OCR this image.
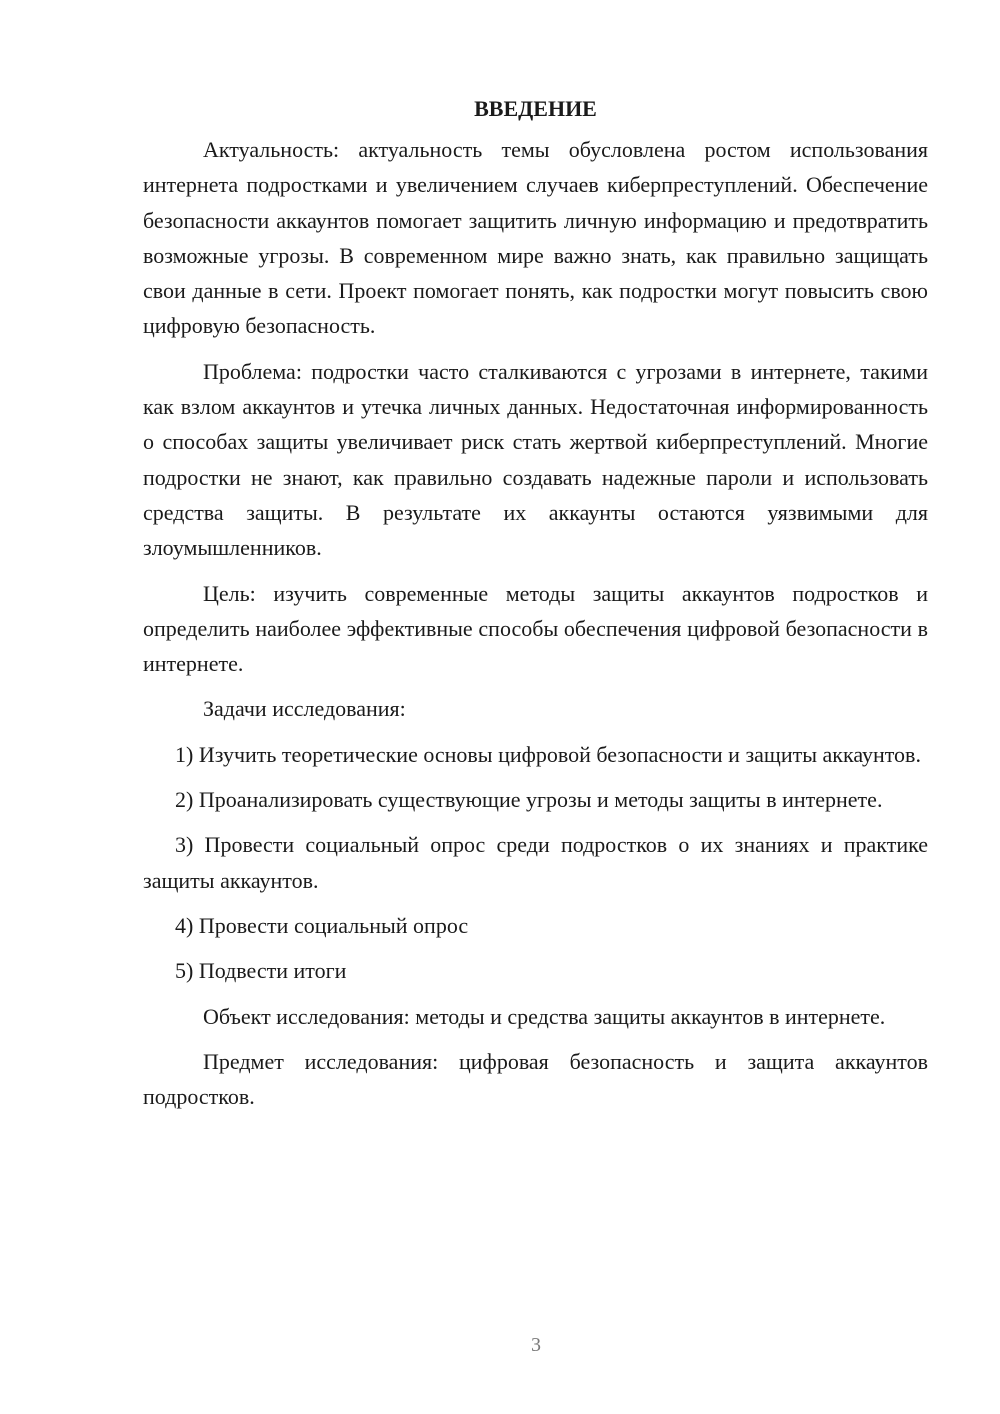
ВВЕДЕНИЕ

Актуальность: актуальность темы обусловлена ростом использования интернета подростками и увеличением случаев киберпреступлений. Обеспечение безопасности аккаунтов помогает защитить личную информацию и предотвратить возможные угрозы. В современном мире важно знать, как правильно защищать свои данные в сети. Проект помогает понять, как подростки могут повысить свою цифровую безопасность.

Проблема: подростки часто сталкиваются с угрозами в интернете, такими как взлом аккаунтов и утечка личных данных. Недостаточная информированность о способах защиты увеличивает риск стать жертвой киберпреступлений. Многие подростки не знают, как правильно создавать надежные пароли и использовать средства защиты. В результате их аккаунты остаются уязвимыми для злоумышленников.

Цель: изучить современные методы защиты аккаунтов подростков и определить наиболее эффективные способы обеспечения цифровой безопасности в интернете.

Задачи исследования:

1) Изучить теоретические основы цифровой безопасности и защиты аккаунтов.

2) Проанализировать существующие угрозы и методы защиты в интернете.

3) Провести социальный опрос среди подростков о их знаниях и практике защиты аккаунтов.

4) Провести социальный опрос

5) Подвести итоги

Объект исследования: методы и средства защиты аккаунтов в интернете.

Предмет исследования: цифровая безопасность и защита аккаунтов подростков.

3
